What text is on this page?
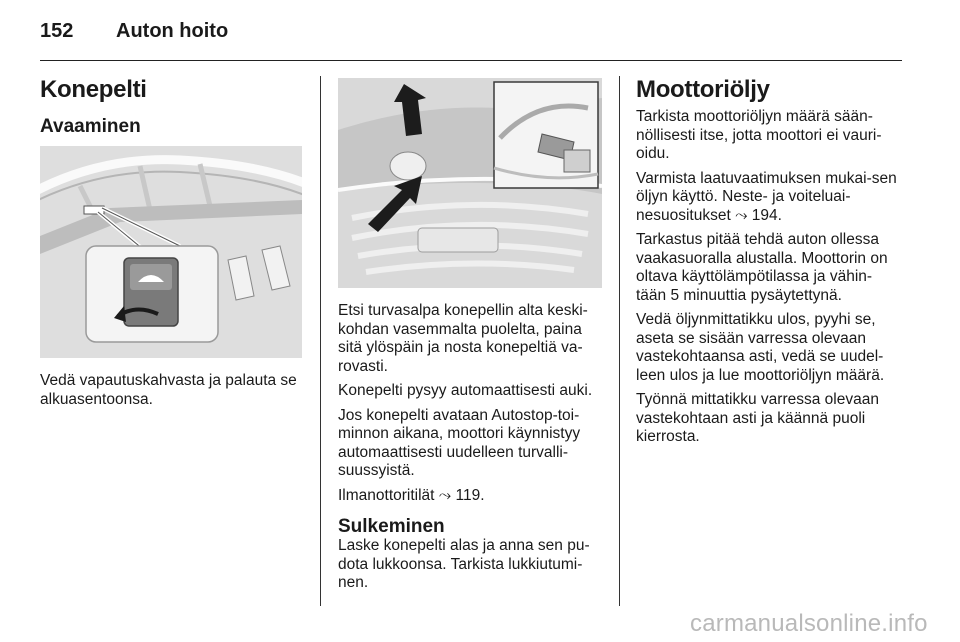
152 Auton hoito
Konepelti
Avaaminen

Vedä vapautuskahvasta ja palauta se alkuasentoonsa.

Etsi turvasalpa konepellin alta keski-kohdan vasemmalta puolelta, paina sitä ylöspäin ja nosta konepeltiä va-rovasti.

Konepelti pysyy automaattisesti auki.

Jos konepelti avataan Autostop-toi-minnon aikana, moottori käynnistyy automaattisesti uudelleen turvalli-suussyistä.

Ilmanottoritilät ⤳ 119.

Sulkeminen

Laske konepelti alas ja anna sen pu-dota lukkoonsa. Tarkista lukkiutumi-nen.

Moottoriöljy

Tarkista moottoriöljyn määrä sään-nöllisesti itse, jotta moottori ei vauri-oidu.

Varmista laatuvaatimuksen mukai-sen öljyn käyttö. Neste- ja voiteluai-nesuositukset ⤳ 194.

Tarkastus pitää tehdä auton ollessa vaakasuoralla alustalla. Moottorin on oltava käyttölämpötilassa ja vähin-tään 5 minuuttia pysäytettynä.

Vedä öljynmittatikku ulos, pyyhi se, aseta se sisään varressa olevaan vastekohtaansa asti, vedä se uudel-leen ulos ja lue moottoriöljyn määrä.

Työnnä mittatikku varressa olevaan vastekohtaan asti ja käännä puoli kierrosta.

carmanualsonline.info
